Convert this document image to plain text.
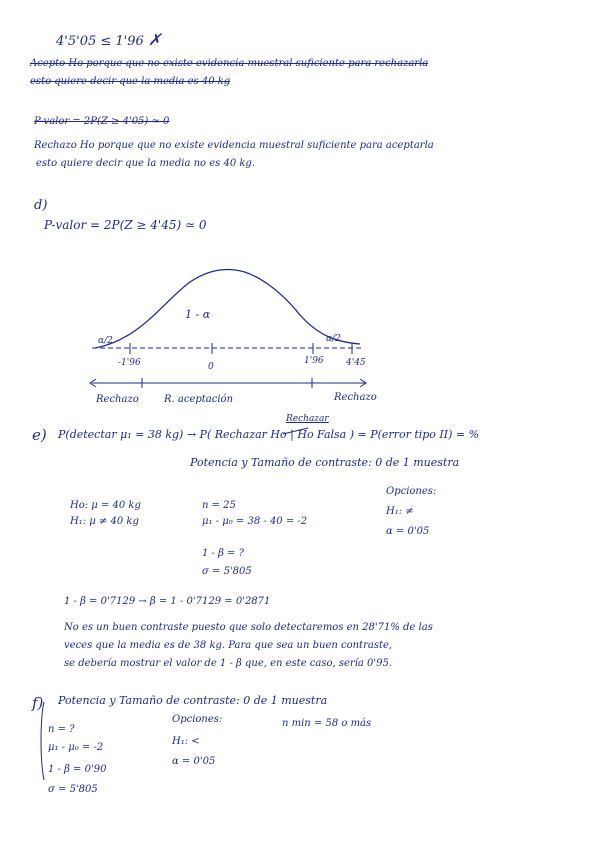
4'5'05 ≤ 1'96 ✗
Acepto Ho porque que no existe evidencia muestral suficiente para rechazarla
esto quiere decir que la media es 40 kg
P-valor = 2P(Z ≥ 4'05) ≃ 0
Rechazo Ho porque que no existe evidencia muestral suficiente para aceptarla
esto quiere decir que la media no es 40 kg.
d)
P-valor = 2P(Z ≥ 4'45) ≃ 0
1 - α
α/2	α/2
-1'96	0
1'96 4'45
Rechazo	R. aceptación	Rechazo
e) P(detectar μ₁ = 38 kg) → P( Rechazar Ho | Ho Falsa ) = P(error tipo II) = %
Rechazar
Potencia y Tamaño de contraste: 0 de 1 muestra
Ho: μ = 40 kg
H₁: μ ≠ 40 kg
n = 25
μ₁ - μ₀ = 38 - 40 = -2
1 - β = ?
σ = 5'805
Opciones:
H₁: ≠
α = 0'05
1 - β = 0'7129 → β = 1 - 0'7129 = 0'2871
No es un buen contraste puesto que solo detectaremos en 28'71% de las
veces que la media es de 38 kg. Para que sea un buen contraste,
se debería mostrar el valor de 1 - β que, en este caso, sería 0'95.
f) Potencia y Tamaño de contraste: 0 de 1 muestra
n = ?
μ₁ - μ₀ = -2
1 - β = 0'90
σ = 5'805
Opciones:
H₁: <
α = 0'05
n min = 58 o más
